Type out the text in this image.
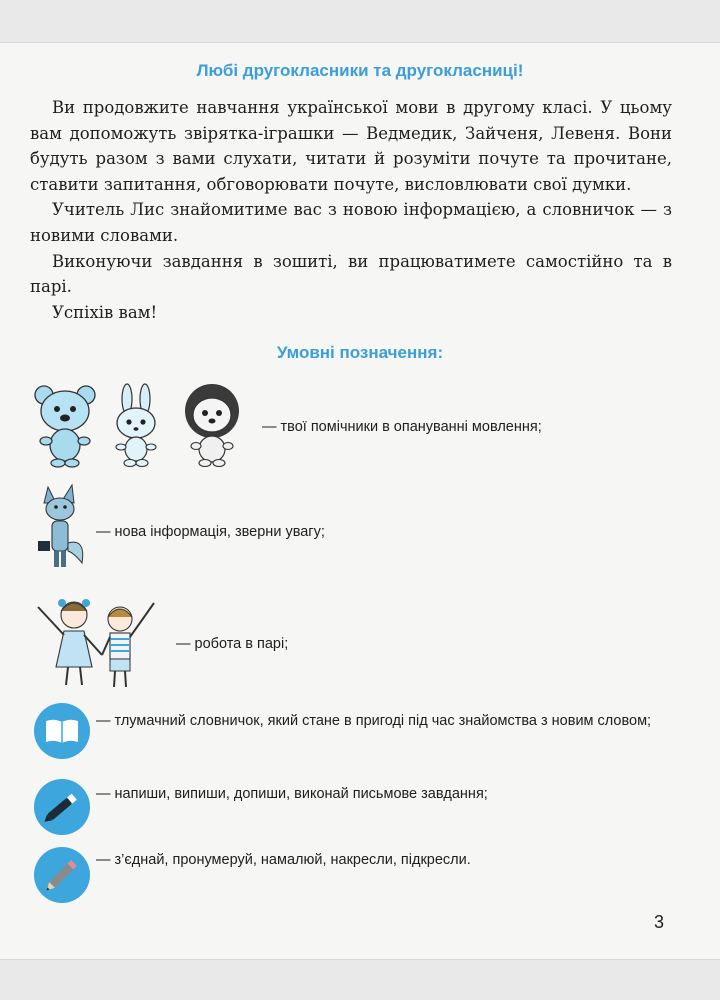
Любі другокласники та другокласниці!

Ви продовжите навчання української мови в другому класі. У цьому вам допоможуть звірятка-іграшки — Ведмедик, Зайченя, Левеня. Вони будуть разом з вами слухати, читати й розуміти почуте та прочитане, ставити запитання, обговорювати почуте, висловлювати свої думки.

Учитель Лис знайомитиме вас з новою інформацією, а словничок — з новими словами.

Виконуючи завдання в зошиті, ви працюватимете самостійно та в парі.

Успіхів вам!

Умовні позначення:
— твої помічники в опануванні мовлення;
— нова інформація, зверни увагу;
— робота в парі;
— тлумачний словничок, який стане в пригоді під час знайомства з новим словом;
— напиши, випиши, допиши, виконай письмове завдання;
— з’єднай, пронумеруй, намалюй, накресли, підкресли.
3
